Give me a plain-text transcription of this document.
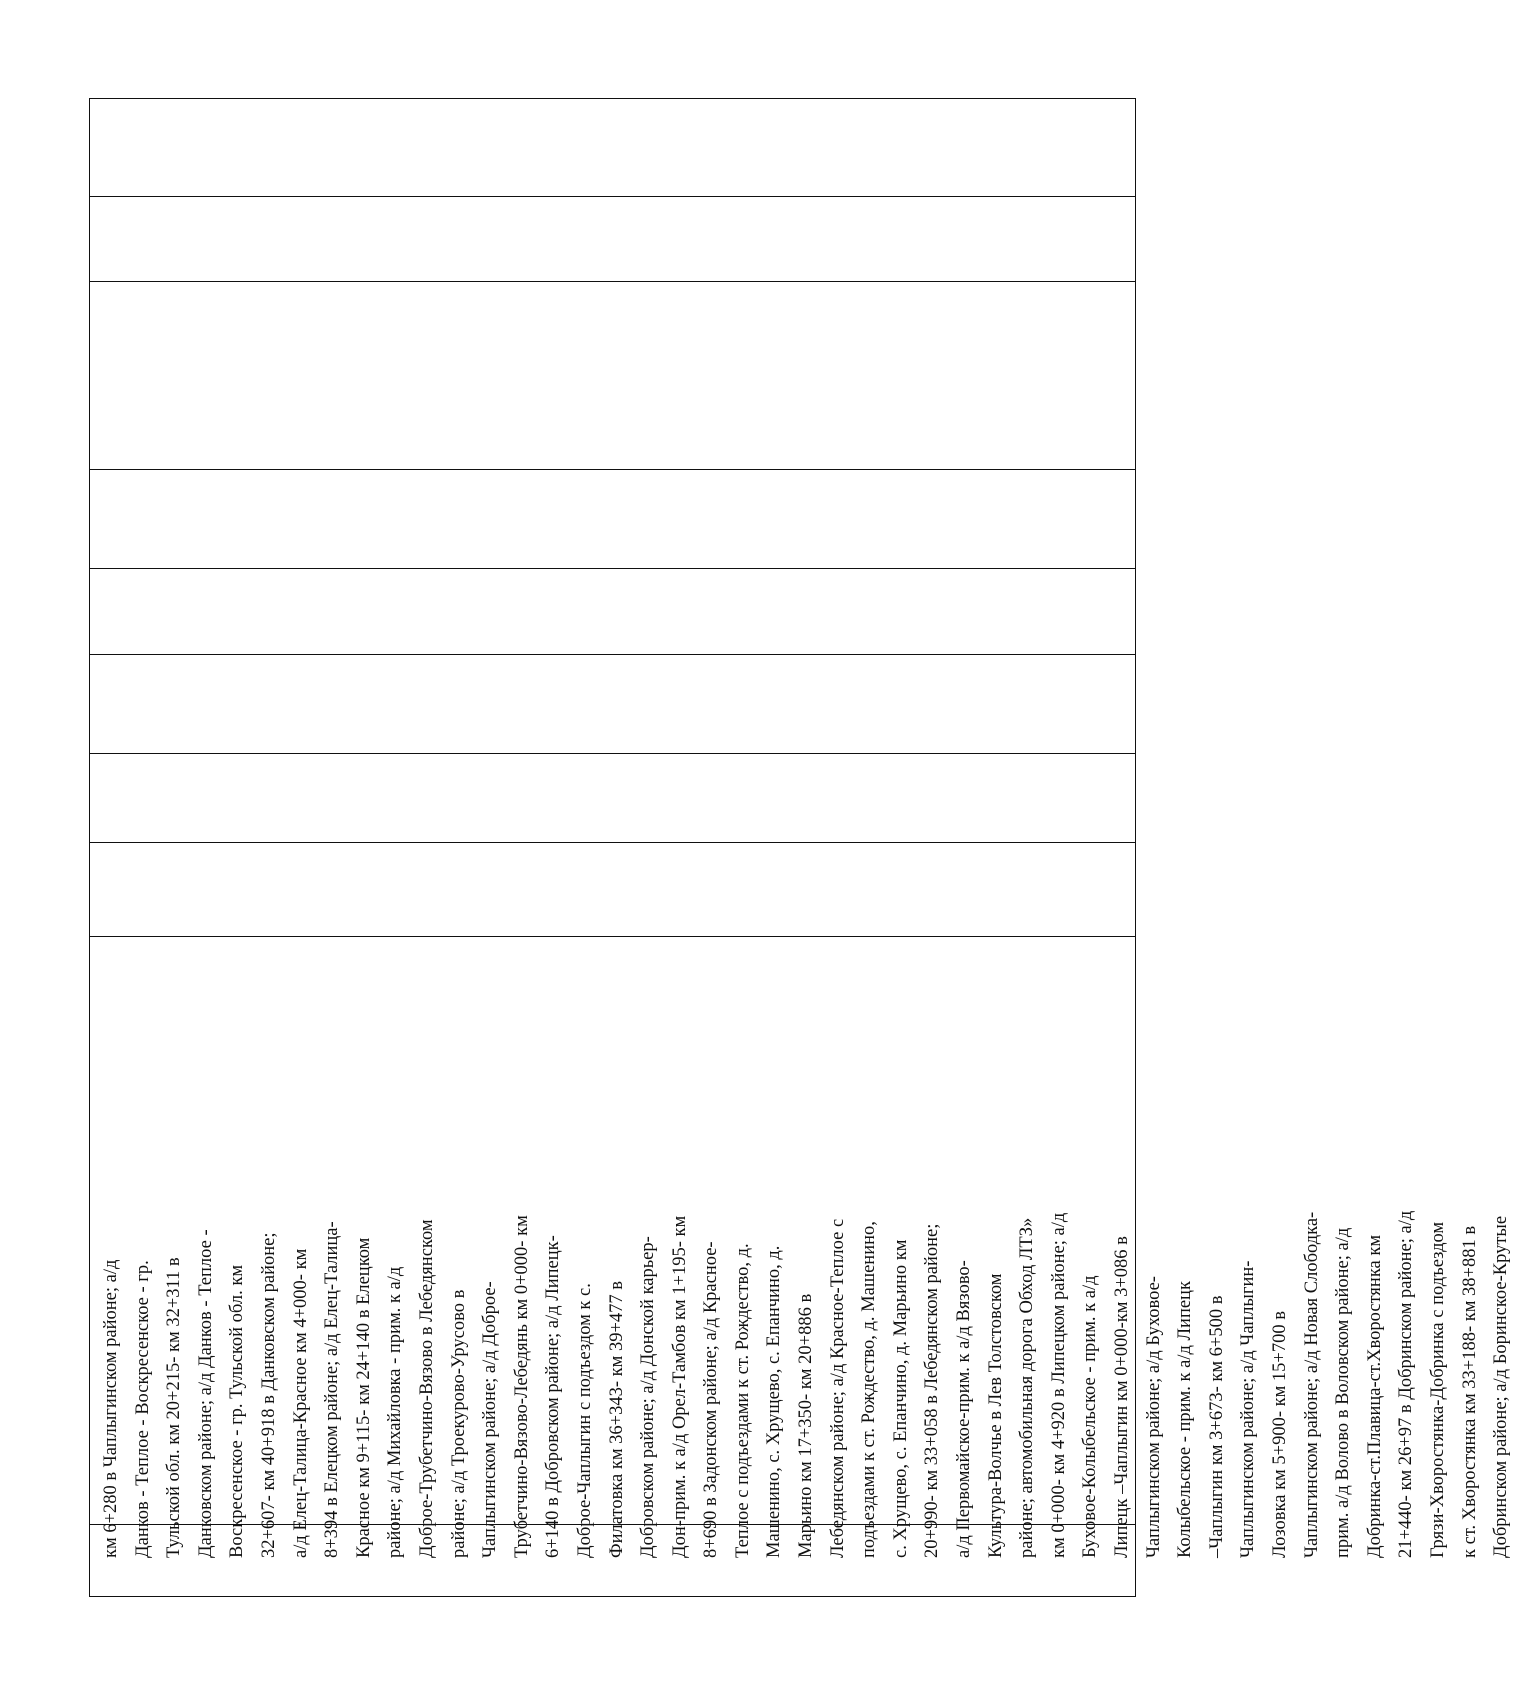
км 6+280 в Чаплыгинском районе; а/д Данков - Теплое - Воскресенское - гр. Тульской обл. км 20+215- км 32+311 в Данковском районе; а/д Данков - Теплое - Воскресенское - гр. Тульской обл. км 32+607- км 40+918 в Данковском районе; а/д Елец-Талица-Красное км 4+000- км 8+394 в Елецком районе; а/д Елец-Талица- Красное км 9+115- км 24+140 в Елецком районе; а/д Михайловка - прим. к а/д Доброе-Трубетчино-Вязово в Лебедянском районе; а/д Троекурово-Урусово в Чаплыгинском районе; а/д Доброе- Трубетчино-Вязово-Лебедянь км 0+000- км 6+140 в Добровском районе; а/д Липецк- Доброе-Чаплыгин с подъездом к с. Филатовка км 36+343- км 39+477 в Добровском районе; а/д Донской карьер- Дон-прим. к а/д Орел-Тамбов км 1+195- км 8+690 в Задонском районе; а/д Красное- Теплое с подъездами к ст. Рождество, д. Машенино, с. Хрущево, с. Епанчино, д. Марьино км 17+350- км 20+886 в Лебедянском районе; а/д Красное-Теплое с подъездами к ст. Рождество, д. Машенино, с. Хрущево, с. Епанчино, д. Марьино км 20+990- км 33+058 в Лебедянском районе; а/д Первомайское-прим. к а/д Вязово- Культура-Волчье в Лев Толстовском районе; автомобильная дорога Обход ЛТЗ» км 0+000- км 4+920 в Липецком районе; а/д Буховое-Колыбельское - прим. к а/д Липецк –Чаплыгин км 0+000-км 3+086 в Чаплыгинском районе; а/д Буховое- Колыбельское - прим. к а/д Липецк –Чаплыгин км 3+673- км 6+500 в Чаплыгинском районе; а/д Чаплыгин- Лозовка км 5+900- км 15+700 в Чаплыгинском районе; а/д Новая Слободка- прим. а/д Волово в Воловском районе; а/д Добринка-ст.Плавица-ст.Хворостянка км 21+440- км 26+97 в Добринском районе; а/д Грязи-Хворостянка-Добринка с подъездом к ст. Хворостянка км 33+188- км 38+881 в Добринском районе; а/д Боринское-Крутые
